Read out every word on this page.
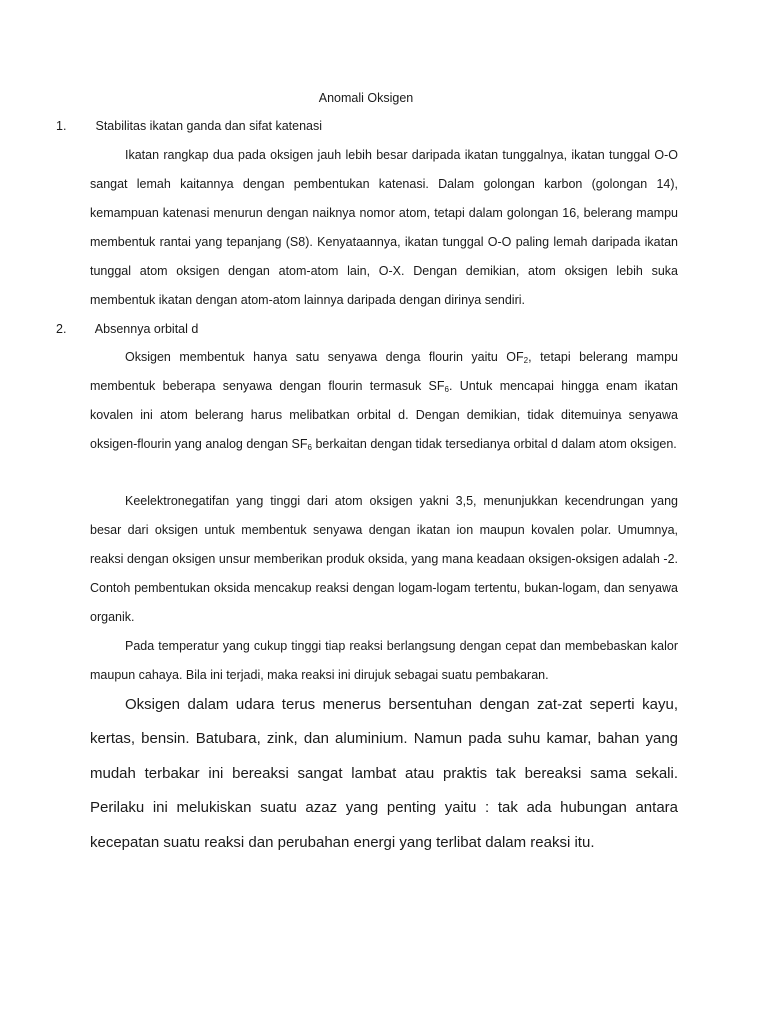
Anomali Oksigen
1. Stabilitas ikatan ganda dan sifat katenasi

Ikatan rangkap dua pada oksigen jauh lebih besar daripada ikatan tunggalnya, ikatan tunggal O-O sangat lemah kaitannya dengan pembentukan katenasi. Dalam golongan karbon (golongan 14), kemampuan katenasi menurun dengan naiknya nomor atom, tetapi dalam golongan 16, belerang mampu membentuk rantai yang tepanjang (S8). Kenyataannya, ikatan tunggal O-O paling lemah daripada ikatan tunggal atom oksigen dengan atom-atom lain, O-X. Dengan demikian, atom oksigen lebih suka membentuk ikatan dengan atom-atom lainnya daripada dengan dirinya sendiri.

2. Absennya orbital d

Oksigen membentuk hanya satu senyawa denga flourin yaitu $OF_2$, tetapi belerang mampu membentuk beberapa senyawa dengan flourin termasuk $SF_6$. Untuk mencapai hingga enam ikatan kovalen ini atom belerang harus melibatkan orbital d. Dengan demikian, tidak ditemuinya senyawa oksigen-flourin yang analog dengan $SF_6$ berkaitan dengan tidak tersedianya orbital d dalam atom oksigen.

Keelektronegatifan yang tinggi dari atom oksigen yakni 3,5, menunjukkan kecendrungan yang besar dari oksigen untuk membentuk senyawa dengan ikatan ion maupun kovalen polar. Umumnya, reaksi dengan oksigen unsur memberikan produk oksida, yang mana keadaan oksigen-oksigen adalah -2. Contoh pembentukan oksida mencakup reaksi dengan logam-logam tertentu, bukan-logam, dan senyawa organik.

Pada temperatur yang cukup tinggi tiap reaksi berlangsung dengan cepat dan membebaskan kalor maupun cahaya. Bila ini terjadi, maka reaksi ini dirujuk sebagai suatu pembakaran.

Oksigen dalam udara terus menerus bersentuhan dengan zat-zat seperti kayu, kertas, bensin. Batubara, zink, dan aluminium. Namun pada suhu kamar, bahan yang mudah terbakar ini bereaksi sangat lambat atau praktis tak bereaksi sama sekali. Perilaku ini melukiskan suatu azaz yang penting yaitu : tak ada hubungan antara kecepatan suatu reaksi dan perubahan energi yang terlibat dalam reaksi itu.
